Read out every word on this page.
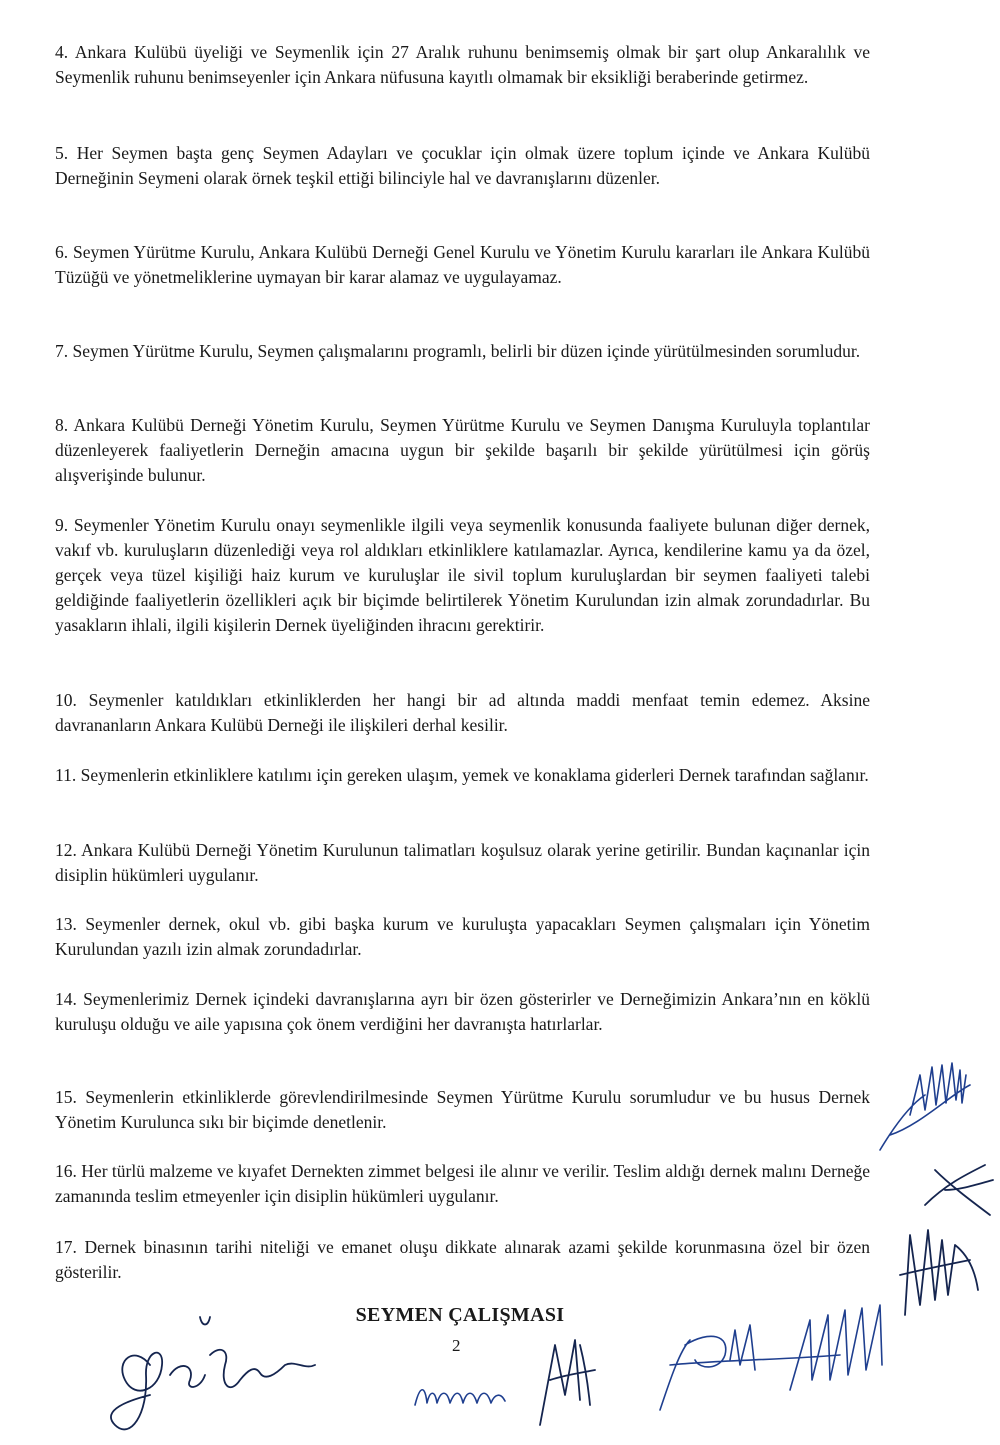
4. Ankara Kulübü üyeliği ve Seymenlik için 27 Aralık ruhunu benimsemiş olmak bir şart olup Ankaralılık ve Seymenlik ruhunu benimseyenler için Ankara nüfusuna kayıtlı olmamak bir eksikliği beraberinde getirmez.

5. Her Seymen başta genç Seymen Adayları ve çocuklar için olmak üzere toplum içinde ve Ankara Kulübü Derneğinin Seymeni olarak örnek teşkil ettiği bilinciyle hal ve davranışlarını düzenler.

6. Seymen Yürütme Kurulu, Ankara Kulübü Derneği Genel Kurulu ve Yönetim Kurulu kararları ile Ankara Kulübü Tüzüğü ve yönetmeliklerine uymayan bir karar alamaz ve uygulayamaz.

7. Seymen Yürütme Kurulu, Seymen çalışmalarını programlı, belirli bir düzen içinde yürütülmesinden sorumludur.

8. Ankara Kulübü Derneği Yönetim Kurulu, Seymen Yürütme Kurulu ve Seymen Danışma Kuruluyla toplantılar düzenleyerek faaliyetlerin Derneğin amacına uygun bir şekilde başarılı bir şekilde yürütülmesi için görüş alışverişinde bulunur.

9. Seymenler Yönetim Kurulu onayı seymenlikle ilgili veya seymenlik konusunda faaliyete bulunan diğer dernek, vakıf vb. kuruluşların düzenlediği veya rol aldıkları etkinliklere katılamazlar. Ayrıca, kendilerine kamu ya da özel, gerçek veya tüzel kişiliği haiz kurum ve kuruluşlar ile sivil toplum kuruluşlardan bir seymen faaliyeti talebi geldiğinde faaliyetlerin özellikleri açık bir biçimde belirtilerek Yönetim Kurulundan izin almak zorundadırlar. Bu yasakların ihlali, ilgili kişilerin Dernek üyeliğinden ihracını gerektirir.

10. Seymenler katıldıkları etkinliklerden her hangi bir ad altında maddi menfaat temin edemez. Aksine davrananların Ankara Kulübü Derneği ile ilişkileri derhal kesilir.

11. Seymenlerin etkinliklere katılımı için gereken ulaşım, yemek ve konaklama giderleri Dernek tarafından sağlanır.

12. Ankara Kulübü Derneği Yönetim Kurulunun talimatları koşulsuz olarak yerine getirilir. Bundan kaçınanlar için disiplin hükümleri uygulanır.

13. Seymenler dernek, okul vb. gibi başka kurum ve kuruluşta yapacakları Seymen çalışmaları için Yönetim Kurulundan yazılı izin almak zorundadırlar.

14. Seymenlerimiz Dernek içindeki davranışlarına ayrı bir özen gösterirler ve Derneğimizin Ankara’nın en köklü kuruluşu olduğu ve aile yapısına çok önem verdiğini her davranışta hatırlarlar.

15. Seymenlerin etkinliklerde görevlendirilmesinde Seymen Yürütme Kurulu sorumludur ve bu husus Dernek Yönetim Kurulunca sıkı bir biçimde denetlenir.

16. Her türlü malzeme ve kıyafet Dernekten zimmet belgesi ile alınır ve verilir. Teslim aldığı dernek malını Derneğe zamanında teslim etmeyenler için disiplin hükümleri uygulanır.

17. Dernek binasının tarihi niteliği ve emanet oluşu dikkate alınarak azami şekilde korunmasına özel bir özen gösterilir.

SEYMEN ÇALIŞMASI
2
